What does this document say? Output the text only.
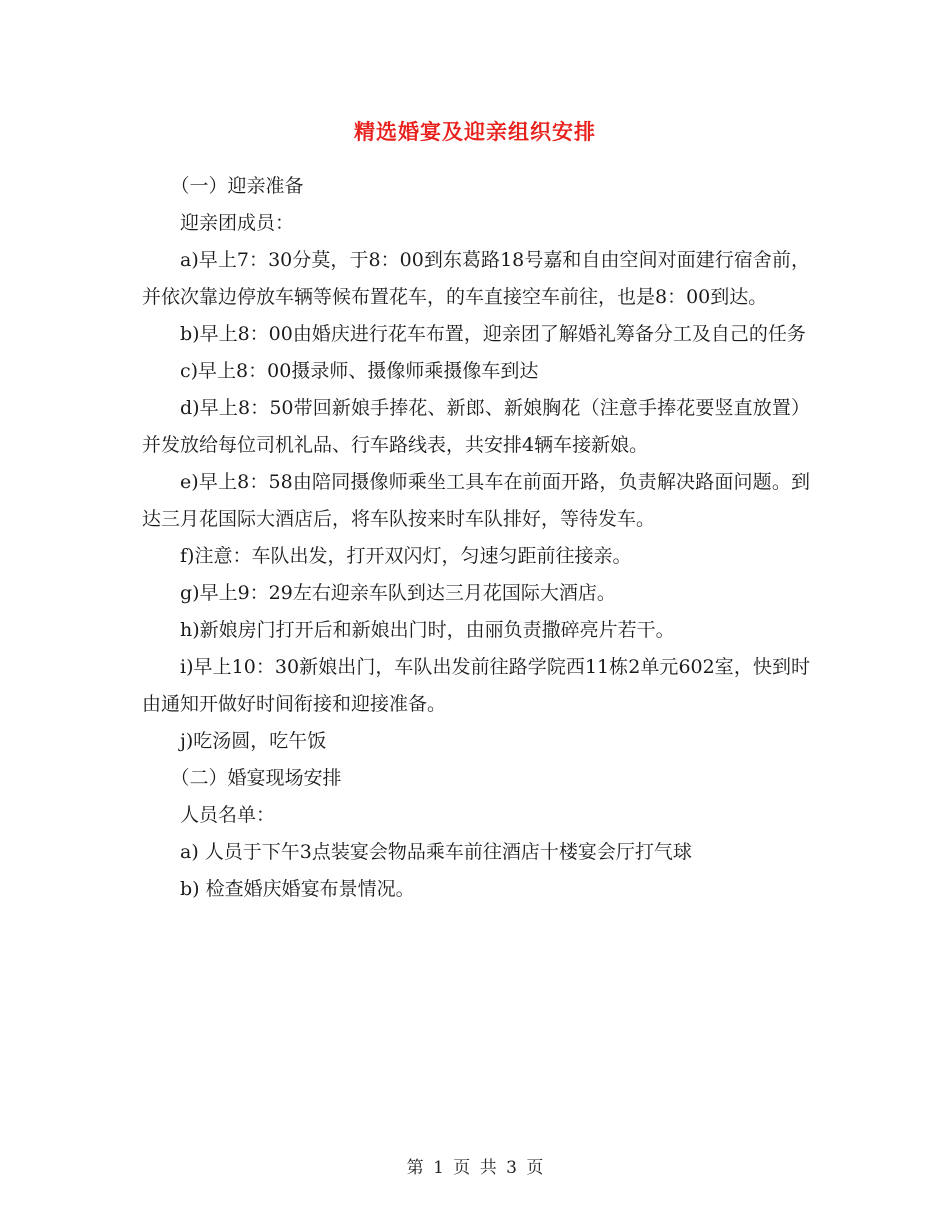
精选婚宴及迎亲组织安排

（一）迎亲准备

迎亲团成员：

a)早上7：30分莫，于8：00到东葛路18号嘉和自由空间对面建行宿舍前，并依次靠边停放车辆等候布置花车，的车直接空车前往，也是8：00到达。

b)早上8：00由婚庆进行花车布置，迎亲团了解婚礼筹备分工及自己的任务

c)早上8：00摄录师、摄像师乘摄像车到达

d)早上8：50带回新娘手捧花、新郎、新娘胸花（注意手捧花要竖直放置）并发放给每位司机礼品、行车路线表，共安排4辆车接新娘。

e)早上8：58由陪同摄像师乘坐工具车在前面开路，负责解决路面问题。到达三月花国际大酒店后，将车队按来时车队排好，等待发车。

f)注意：车队出发，打开双闪灯，匀速匀距前往接亲。

g)早上9：29左右迎亲车队到达三月花国际大酒店。

h)新娘房门打开后和新娘出门时，由丽负责撒碎亮片若干。

i)早上10：30新娘出门，车队出发前往路学院西11栋2单元602室，快到时由通知开做好时间衔接和迎接准备。

j)吃汤圆，吃午饭

（二）婚宴现场安排

人员名单：

a) 人员于下午3点装宴会物品乘车前往酒店十楼宴会厅打气球

b) 检查婚庆婚宴布景情况。

第 1 页 共 3 页
